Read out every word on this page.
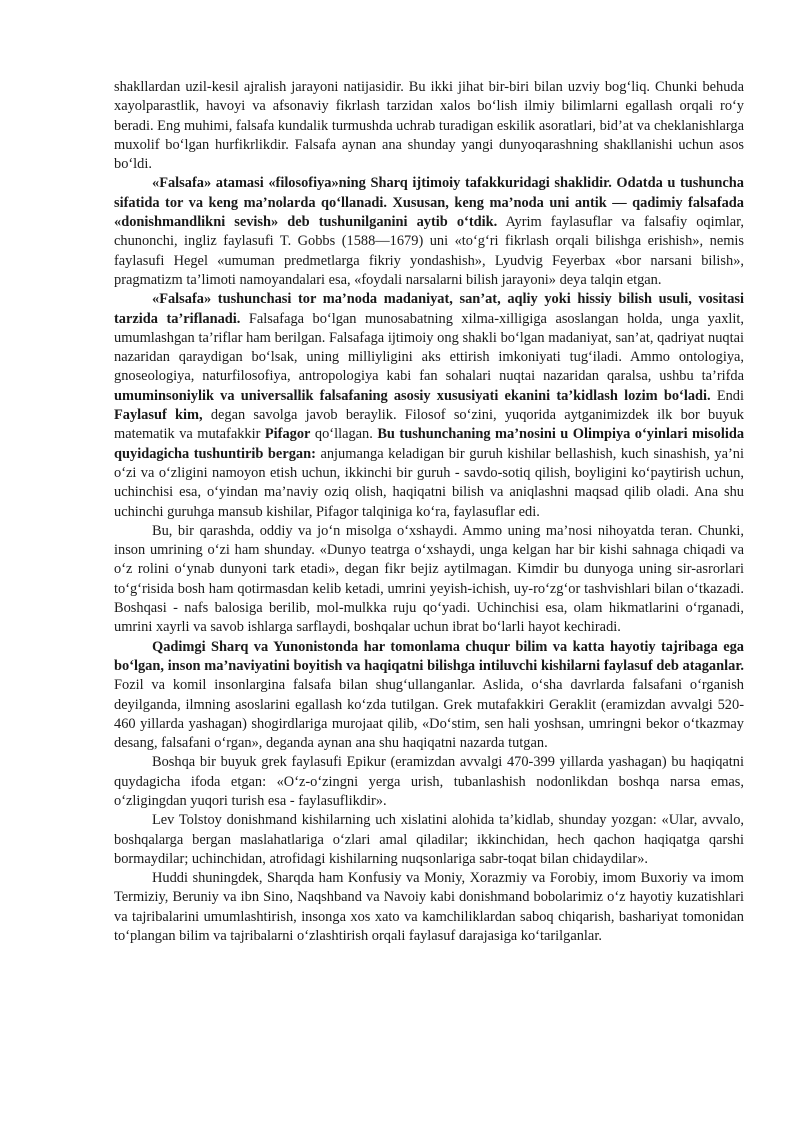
shakllardan uzil-kesil ajralish jarayoni natijasidir. Bu ikki jihat bir-biri bilan uzviy bog‘liq. Chunki behuda xayolparastlik, havoyi va afsonaviy fikrlash tarzidan xalos bo‘lish ilmiy bilimlarni egallash orqali ro‘y beradi. Eng muhimi, falsafa kundalik turmushda uchrab turadigan eskilik asoratlari, bid’at va cheklanishlarga muxolif bo‘lgan hurfikrlikdir. Falsafa aynan ana shunday yangi dunyoqarashning shakllanishi uchun asos bo‘ldi.

«Falsafa» atamasi «filosofiya»ning Sharq ijtimoiy tafakkuridagi shaklidir. Odatda u tushuncha sifatida tor va keng ma’nolarda qo‘llanadi. Xususan, keng ma’noda uni antik — qadimiy falsafada «donishmandlikni sevish» deb tushunilganini aytib o‘tdik. Ayrim faylasuflar va falsafiy oqimlar, chunonchi, ingliz faylasufi T. Gobbs (1588—1679) uni «to‘g‘ri fikrlash orqali bilishga erishish», nemis faylasufi Hegel «umuman predmetlarga fikriy yondashish», Lyudvig Feyerbax «bor narsani bilish», pragmatizm ta’limoti namoyandalari esa, «foydali narsalarni bilish jarayoni» deya talqin etgan.

«Falsafa» tushunchasi tor ma’noda madaniyat, san’at, aqliy yoki hissiy bilish usuli, vositasi tarzida ta’riflanadi. Falsafaga bo‘lgan munosabatning xilma-xilligiga asoslangan holda, unga yaxlit, umumlashgan ta’riflar ham berilgan. Falsafaga ijtimoiy ong shakli bo‘lgan madaniyat, san’at, qadriyat nuqtai nazaridan qaraydigan bo‘lsak, uning milliyligini aks ettirish imkoniyati tug‘iladi. Ammo ontologiya, gnoseologiya, naturfilosofiya, antropologiya kabi fan sohalari nuqtai nazaridan qaralsa, ushbu ta’rifda umuminsoniylik va universallik falsafaning asosiy xususiyati ekanini ta’kidlash lozim bo‘ladi. Endi Faylasuf kim, degan savolga javob beraylik. Filosof so‘zini, yuqorida aytganimizdek ilk bor buyuk matematik va mutafakkir Pifagor qo‘llagan. Bu tushunchaning ma’nosini u Olimpiya o‘yinlari misolida quyidagicha tushuntirib bergan: anjumanga keladigan bir guruh kishilar bellashish, kuch sinashish, ya’ni o‘zi va o‘zligini namoyon etish uchun, ikkinchi bir guruh - savdo-sotiq qilish, boyligini ko‘paytirish uchun, uchinchisi esa, o‘yindan ma’naviy oziq olish, haqiqatni bilish va aniqlashni maqsad qilib oladi. Ana shu uchinchi guruhga mansub kishilar, Pifagor talqiniga ko‘ra, faylasuflar edi.

Bu, bir qarashda, oddiy va jo‘n misolga o‘xshaydi. Ammo uning ma’nosi nihoyatda teran. Chunki, inson umrining o‘zi ham shunday. «Dunyo teatrga o‘xshaydi, unga kelgan har bir kishi sahnaga chiqadi va o‘z rolini o‘ynab dunyoni tark etadi», degan fikr bejiz aytilmagan. Kimdir bu dunyoga uning sir-asrorlari to‘g‘risida bosh ham qotirmasdan kelib ketadi, umrini yeyish-ichish, uy-ro‘zg‘or tashvishlari bilan o‘tkazadi. Boshqasi - nafs balosiga berilib, mol-mulkka ruju qo‘yadi. Uchinchisi esa, olam hikmatlarini o‘rganadi, umrini xayrli va savob ishlarga sarflaydi, boshqalar uchun ibrat bo‘larli hayot kechiradi.

Qadimgi Sharq va Yunonistonda har tomonlama chuqur bilim va katta hayotiy tajribaga ega bo‘lgan, inson ma’naviyatini boyitish va haqiqatni bilishga intiluvchi kishilarni faylasuf deb ataganlar. Fozil va komil insonlargina falsafa bilan shug‘ullanganlar. Aslida, o‘sha davrlarda falsafani o‘rganish deyilganda, ilmning asoslarini egallash ko‘zda tutilgan. Grek mutafakkiri Geraklit (eramizdan avvalgi 520-460 yillarda yashagan) shogirdlariga murojaat qilib, «Do‘stim, sen hali yoshsan, umringni bekor o‘tkazmay desang, falsafani o‘rgan», deganda aynan ana shu haqiqatni nazarda tutgan.

Boshqa bir buyuk grek faylasufi Epikur (eramizdan avvalgi 470-399 yillarda yashagan) bu haqiqatni quydagicha ifoda etgan: «O‘z-o‘zingni yerga urish, tubanlashish nodonlikdan boshqa narsa emas, o‘zligingdan yuqori turish esa - faylasuflikdir».

Lev Tolstoy donishmand kishilarning uch xislatini alohida ta’kidlab, shunday yozgan: «Ular, avvalo, boshqalarga bergan maslahatlariga o‘zlari amal qiladilar; ikkinchidan, hech qachon haqiqatga qarshi bormaydilar; uchinchidan, atrofidagi kishilarning nuqsonlariga sabr-toqat bilan chidaydilar».

Huddi shuningdek, Sharqda ham Konfusiy va Moniy, Xorazmiy va Forobiy, imom Buxoriy va imom Termiziy, Beruniy va ibn Sino, Naqshband va Navoiy kabi donishmand bobolarimiz o‘z hayotiy kuzatishlari va tajribalarini umumlashtirish, insonga xos xato va kamchiliklardan saboq chiqarish, bashariyat tomonidan to‘plangan bilim va tajribalarni o‘zlashtirish orqali faylasuf darajasiga ko‘tarilganlar.
